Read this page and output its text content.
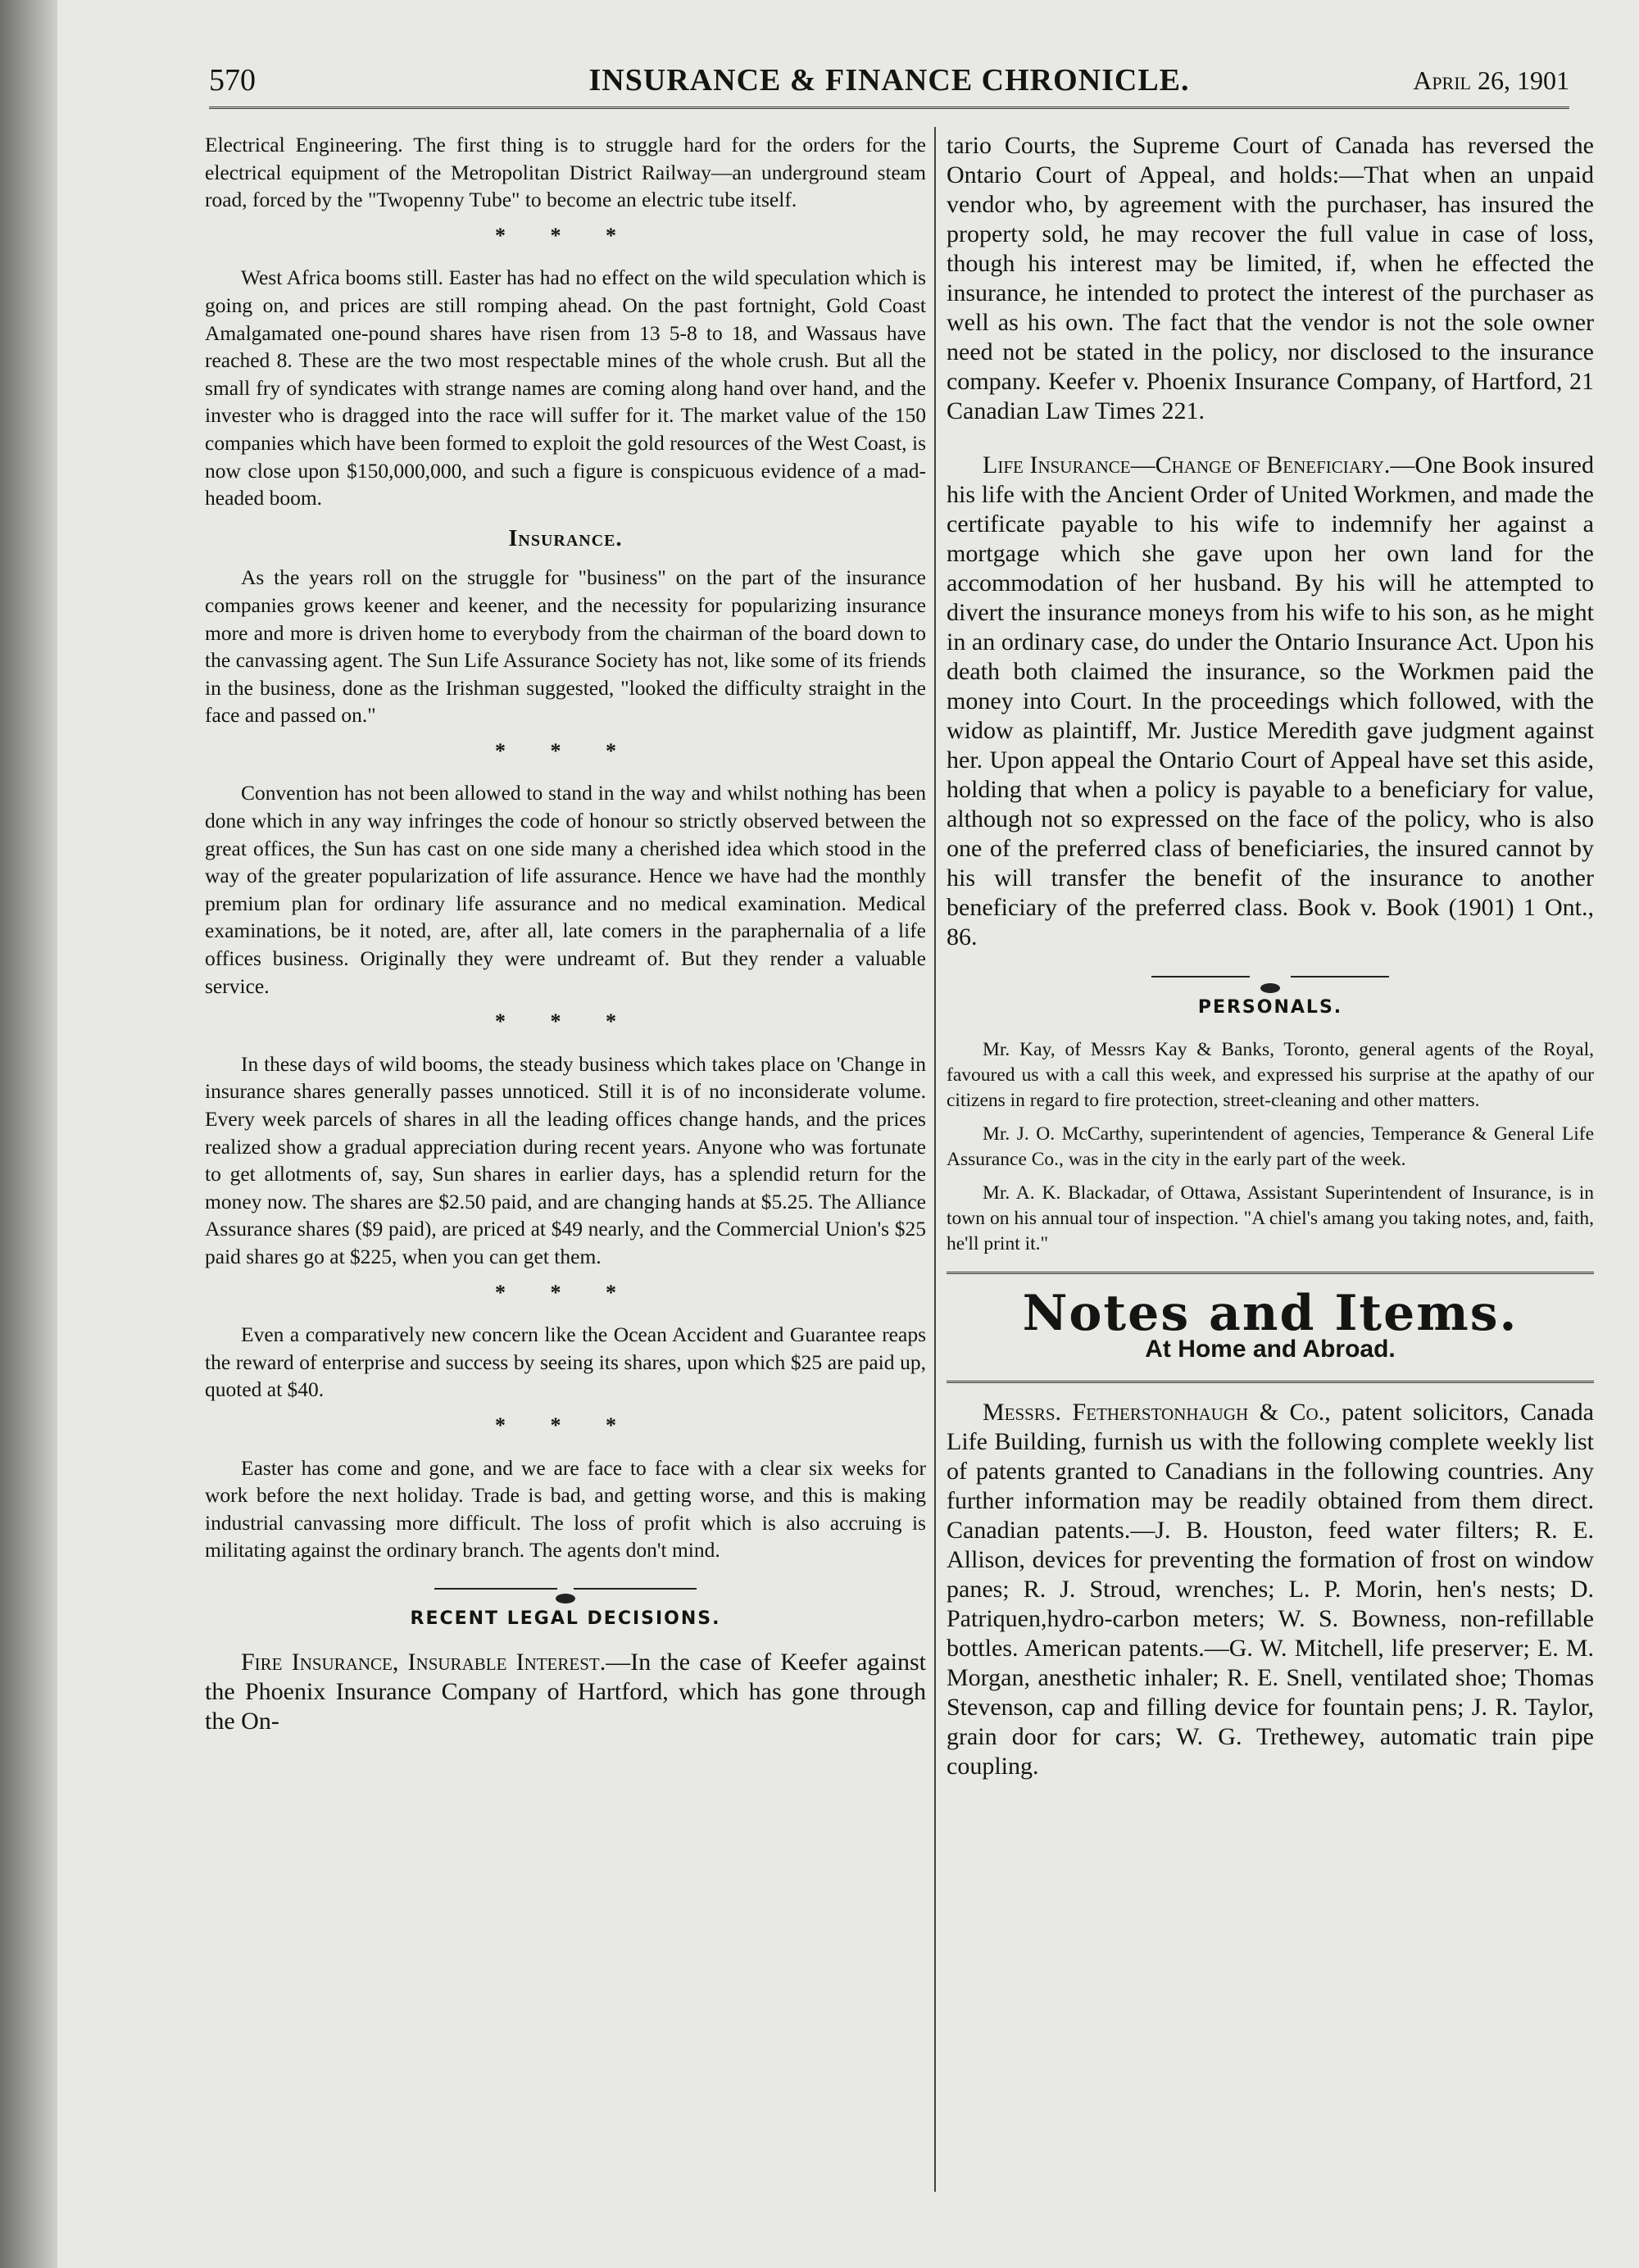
570	INSURANCE & FINANCE CHRONICLE.	April 26, 1901

Electrical Engineering. The first thing is to struggle hard for the orders for the electrical equipment of the Metropolitan District Railway—an underground steam road, forced by the "Twopenny Tube" to become an electric tube itself.

* * *

West Africa booms still. Easter has had no effect on the wild speculation which is going on, and prices are still romping ahead. On the past fortnight, Gold Coast Amalgamated one-pound shares have risen from 13 5-8 to 18, and Wassaus have reached 8. These are the two most respectable mines of the whole crush. But all the small fry of syndicates with strange names are coming along hand over hand, and the invester who is dragged into the race will suffer for it. The market value of the 150 companies which have been formed to exploit the gold resources of the West Coast, is now close upon $150,000,000, and such a figure is conspicuous evidence of a mad-headed boom.

Insurance.

As the years roll on the struggle for "business" on the part of the insurance companies grows keener and keener, and the necessity for popularizing insurance more and more is driven home to everybody from the chairman of the board down to the canvassing agent. The Sun Life Assurance Society has not, like some of its friends in the business, done as the Irishman suggested, "looked the difficulty straight in the face and passed on."

* * *

Convention has not been allowed to stand in the way and whilst nothing has been done which in any way infringes the code of honour so strictly observed between the great offices, the Sun has cast on one side many a cherished idea which stood in the way of the greater popularization of life assurance. Hence we have had the monthly premium plan for ordinary life assurance and no medical examination. Medical examinations, be it noted, are, after all, late comers in the paraphernalia of a life offices business. Originally they were undreamt of. But they render a valuable service.

* * *

In these days of wild booms, the steady business which takes place on 'Change in insurance shares generally passes unnoticed. Still it is of no inconsiderate volume. Every week parcels of shares in all the leading offices change hands, and the prices realized show a gradual appreciation during recent years. Anyone who was fortunate to get allotments of, say, Sun shares in earlier days, has a splendid return for the money now. The shares are $2.50 paid, and are changing hands at $5.25. The Alliance Assurance shares ($9 paid), are priced at $49 nearly, and the Commercial Union's $25 paid shares go at $225, when you can get them.

* * *

Even a comparatively new concern like the Ocean Accident and Guarantee reaps the reward of enterprise and success by seeing its shares, upon which $25 are paid up, quoted at $40.

* * *

Easter has come and gone, and we are face to face with a clear six weeks for work before the next holiday. Trade is bad, and getting worse, and this is making industrial canvassing more difficult. The loss of profit which is also accruing is militating against the ordinary branch. The agents don't mind.

RECENT LEGAL DECISIONS.

Fire Insurance, Insurable Interest.—In the case of Keefer against the Phoenix Insurance Company of Hartford, which has gone through the On-

tario Courts, the Supreme Court of Canada has reversed the Ontario Court of Appeal, and holds:—That when an unpaid vendor who, by agreement with the purchaser, has insured the property sold, he may recover the full value in case of loss, though his interest may be limited, if, when he effected the insurance, he intended to protect the interest of the purchaser as well as his own. The fact that the vendor is not the sole owner need not be stated in the policy, nor disclosed to the insurance company. Keefer v. Phoenix Insurance Company, of Hartford, 21 Canadian Law Times 221.

Life Insurance—Change of Beneficiary.—One Book insured his life with the Ancient Order of United Workmen, and made the certificate payable to his wife to indemnify her against a mortgage which she gave upon her own land for the accommodation of her husband. By his will he attempted to divert the insurance moneys from his wife to his son, as he might in an ordinary case, do under the Ontario Insurance Act. Upon his death both claimed the insurance, so the Workmen paid the money into Court. In the proceedings which followed, with the widow as plaintiff, Mr. Justice Meredith gave judgment against her. Upon appeal the Ontario Court of Appeal have set this aside, holding that when a policy is payable to a beneficiary for value, although not so expressed on the face of the policy, who is also one of the preferred class of beneficiaries, the insured cannot by his will transfer the benefit of the insurance to another beneficiary of the preferred class. Book v. Book (1901) 1 Ont., 86.

PERSONALS.

Mr. Kay, of Messrs Kay & Banks, Toronto, general agents of the Royal, favoured us with a call this week, and expressed his surprise at the apathy of our citizens in regard to fire protection, street-cleaning and other matters.

Mr. J. O. McCarthy, superintendent of agencies, Temperance & General Life Assurance Co., was in the city in the early part of the week.

Mr. A. K. Blackadar, of Ottawa, Assistant Superintendent of Insurance, is in town on his annual tour of inspection. "A chiel's amang you taking notes, and, faith, he'll print it."

Notes and Items.
At Home and Abroad.

Messrs. Fetherstonhaugh & Co., patent solicitors, Canada Life Building, furnish us with the following complete weekly list of patents granted to Canadians in the following countries. Any further information may be readily obtained from them direct. Canadian patents.—J. B. Houston, feed water filters; R. E. Allison, devices for preventing the formation of frost on window panes; R. J. Stroud, wrenches; L. P. Morin, hen's nests; D. Patriquen,hydro-carbon meters; W. S. Bowness, non-refillable bottles. American patents.—G. W. Mitchell, life preserver; E. M. Morgan, anesthetic inhaler; R. E. Snell, ventilated shoe; Thomas Stevenson, cap and filling device for fountain pens; J. R. Taylor, grain door for cars; W. G. Trethewey, automatic train pipe coupling.
